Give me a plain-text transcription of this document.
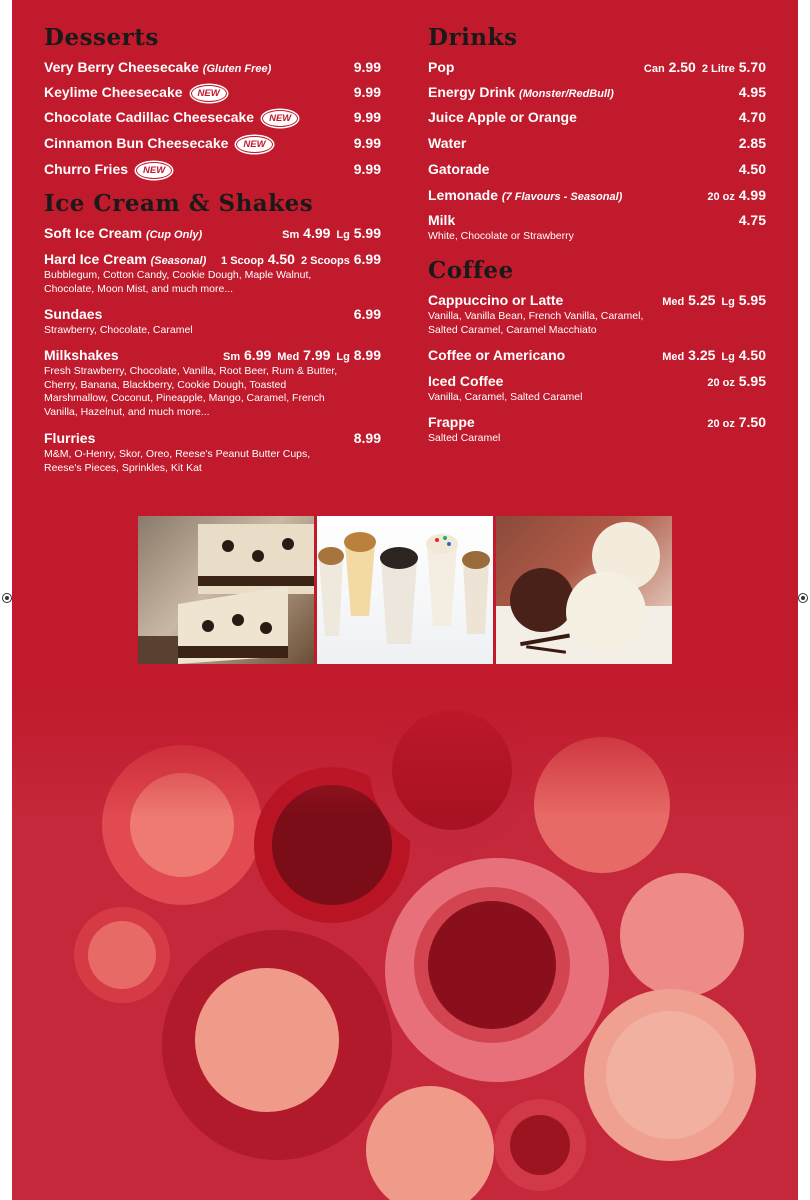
Desserts
Very Berry Cheesecake (Gluten Free)	9.99
Keylime Cheesecake NEW	9.99
Chocolate Cadillac Cheesecake NEW	9.99
Cinnamon Bun Cheesecake NEW	9.99
Churro Fries NEW	9.99
Ice Cream & Shakes
Soft Ice Cream (Cup Only)	Sm 4.99 Lg 5.99
Hard Ice Cream (Seasonal)	1 Scoop 4.50 2 Scoops 6.99
Bubblegum, Cotton Candy, Cookie Dough, Maple Walnut, Chocolate, Moon Mist, and much more...
Sundaes	6.99
Strawberry, Chocolate, Caramel
Milkshakes	Sm 6.99 Med 7.99 Lg 8.99
Fresh Strawberry, Chocolate, Vanilla, Root Beer, Rum & Butter, Cherry, Banana, Blackberry, Cookie Dough, Toasted Marshmallow, Coconut, Pineapple, Mango, Caramel, French Vanilla, Hazelnut, and much more...
Flurries	8.99
M&M, O-Henry, Skor, Oreo, Reese's Peanut Butter Cups, Reese's Pieces, Sprinkles, Kit Kat
Drinks
Pop	Can 2.50 2 Litre 5.70
Energy Drink (Monster/RedBull)	4.95
Juice Apple or Orange	4.70
Water	2.85
Gatorade	4.50
Lemonade (7 Flavours - Seasonal)	20 oz 4.99
Milk	4.75
White, Chocolate or Strawberry
Coffee
Cappuccino or Latte	Med 5.25 Lg 5.95
Vanilla, Vanilla Bean, French Vanilla, Caramel, Salted Caramel, Caramel Macchiato
Coffee or Americano	Med 3.25 Lg 4.50
Iced Coffee	20 oz 5.95
Vanilla, Caramel, Salted Caramel
Frappe	20 oz 7.50
Salted Caramel
